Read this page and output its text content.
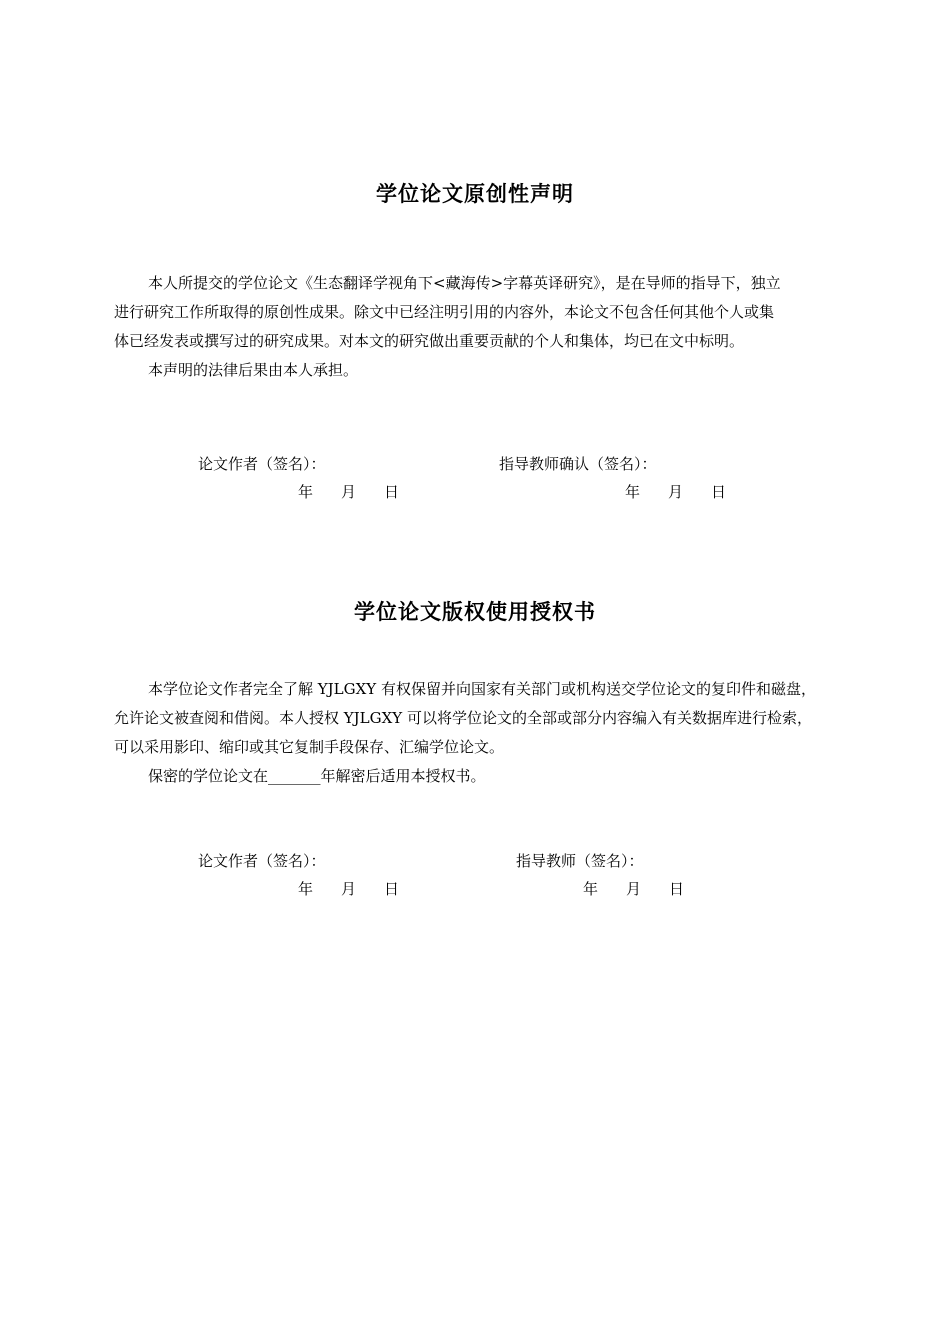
学位论文原创性声明

本人所提交的学位论文《生态翻译学视角下<藏海传>字幕英译研究》，是在导师的指导下，独立

进行研究工作所取得的原创性成果。除文中已经注明引用的内容外，本论文不包含任何其他个人或集

体已经发表或撰写过的研究成果。对本文的研究做出重要贡献的个人和集体，均已在文中标明。

本声明的法律后果由本人承担。

论文作者（签名）：	指导教师确认（签名）：
年 月 日	年 月 日
学位论文版权使用授权书

本学位论文作者完全了解 YJLGXY 有权保留并向国家有关部门或机构送交学位论文的复印件和磁盘，

允许论文被查阅和借阅。本人授权 YJLGXY 可以将学位论文的全部或部分内容编入有关数据库进行检索，

可以采用影印、缩印或其它复制手段保存、汇编学位论文。

保密的学位论文在_______年解密后适用本授权书。

论文作者（签名）：	指导教师（签名）：
年 月 日	年 月 日
